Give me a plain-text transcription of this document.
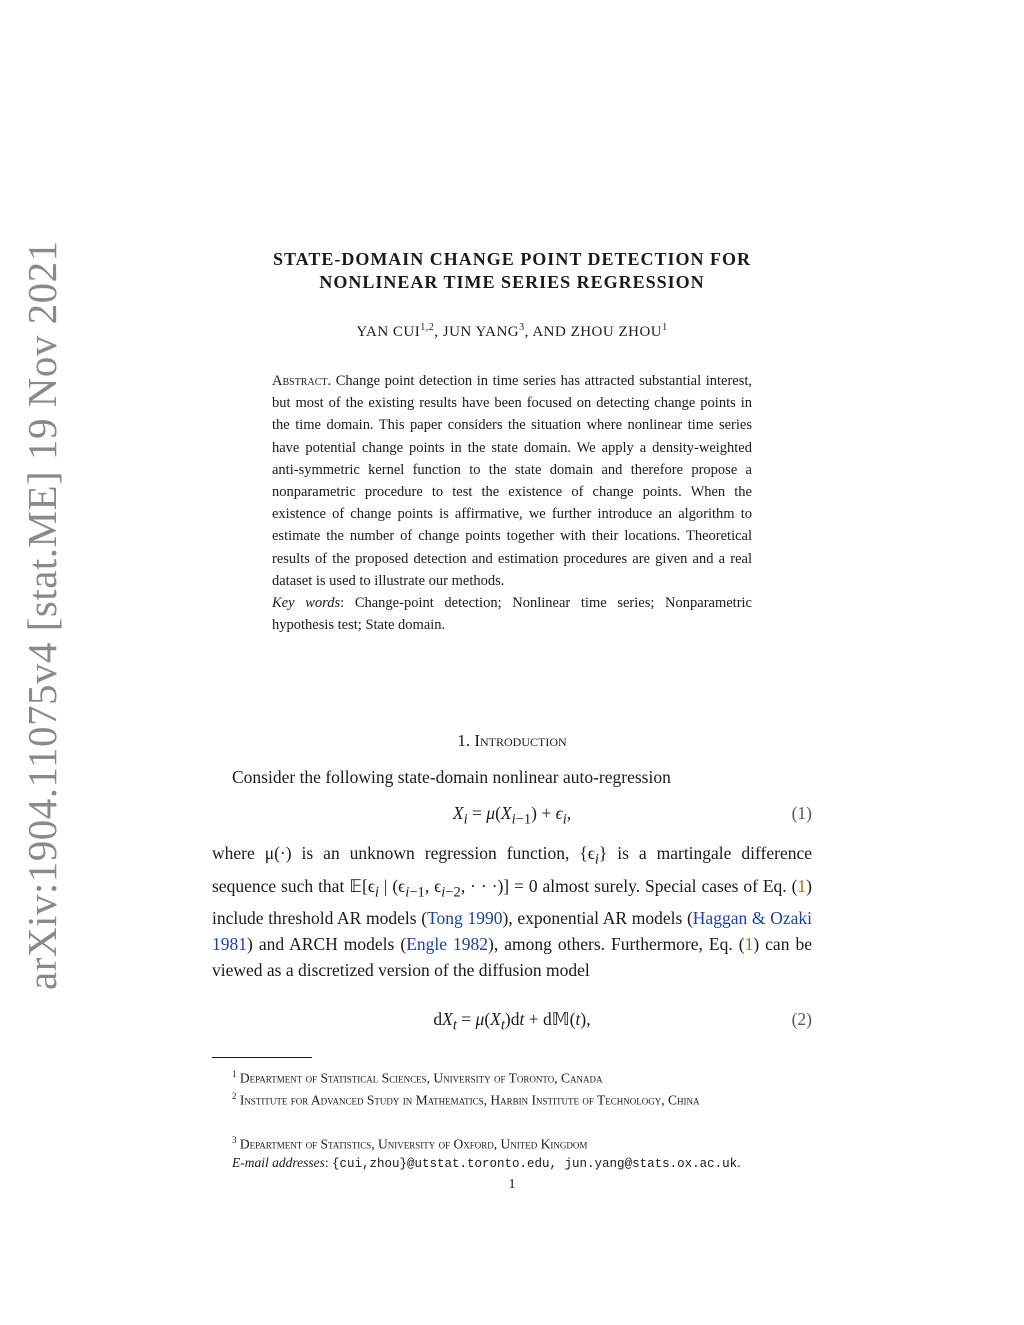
arXiv:1904.11075v4 [stat.ME] 19 Nov 2021	STATE-DOMAIN CHANGE POINT DETECTION FOR
NONLINEAR TIME SERIES REGRESSION
YAN CUI$^{1,2}$, JUN YANG$^3$, AND ZHOU ZHOU$^1$
Abstract. Change point detection in time series has attracted substantial interest, but most of the existing results have been focused on detecting change points in the time domain. This paper considers the situation where nonlinear time series have potential change points in the state domain. We apply a density-weighted anti-symmetric kernel function to the state domain and therefore propose a nonparametric procedure to test the existence of change points. When the existence of change points is affirmative, we further introduce an algorithm to estimate the number of change points together with their locations. Theoretical results of the proposed detection and estimation procedures are given and a real dataset is used to illustrate our methods.
Key words: Change-point detection; Nonlinear time series; Nonparametric hypothesis test; State domain.
1. Introduction
Consider the following state-domain nonlinear auto-regression
$X_i = \mu(X_{i-1}) + \epsilon_i$,	(1)
where μ(·) is an unknown regression function, $\{\epsilon_i\}$ is a martingale difference sequence such that $𝔼[\epsilon_i$ | ($\epsilon_{i-1}$, $\epsilon_{i-2}$, · · ·)] = 0 almost surely. Special cases of Eq. (1) include threshold AR models (Tong 1990), exponential AR models (Haggan & Ozaki 1981) and ARCH models (Engle 1982), among others. Furthermore, Eq. (1) can be viewed as a discretized version of the diffusion model
$dX_t = \mu(X_t)dt$ + d𝕄(t),	(2)
$^1$ Department of Statistical Sciences, University of Toronto, Canada
$^2$ Institute for Advanced Study in Mathematics, Harbin Institute of Technology, China
$^3$ Department of Statistics, University of Oxford, United Kingdom
E-mail addresses: {cui,zhou}@utstat.toronto.edu, jun.yang@stats.ox.ac.uk.
1
